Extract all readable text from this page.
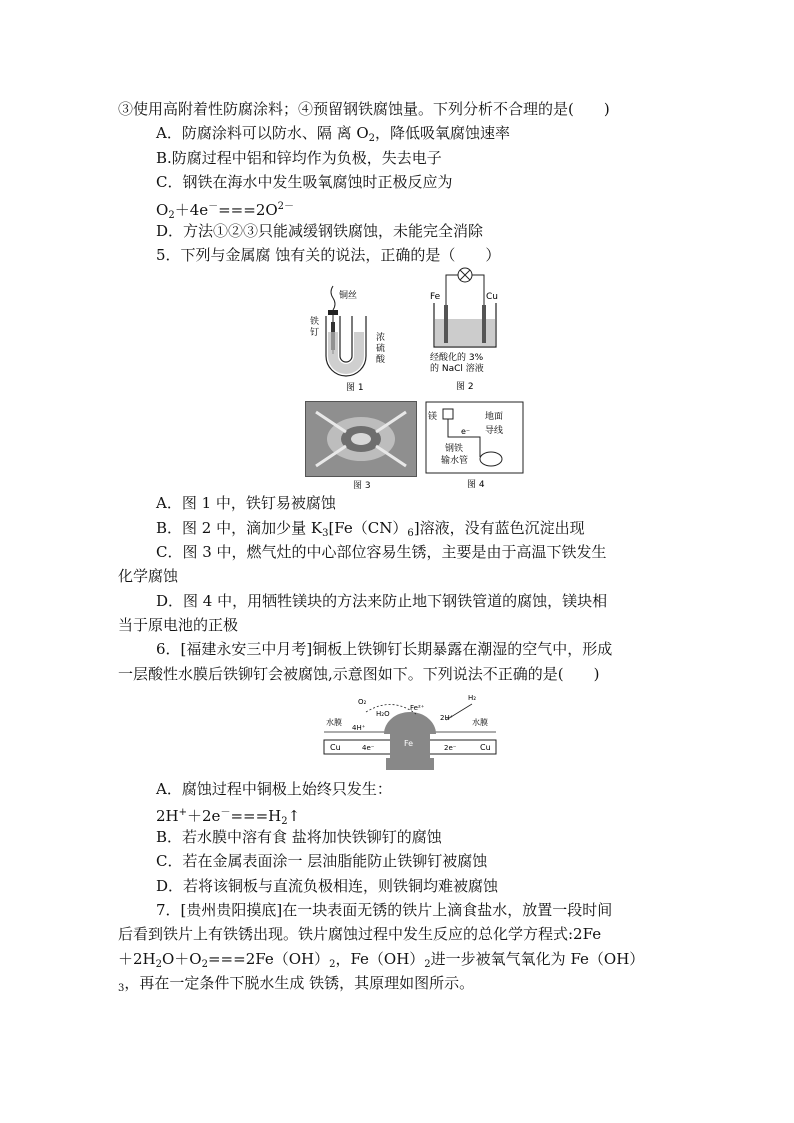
③使用高附着性防腐涂料；④预留钢铁腐蚀量。下列分析不合理的是(　　)
A．防腐涂料可以防水、隔 离 $O_2$，降低吸氧腐蚀速率
B.防腐过程中铝和锌均作为负极，失去电子
C．钢铁在海水中发生吸氧腐蚀时正极反应为
$O_2+4e^-===2O^{2-}$
D．方法①②③只能减缓钢铁腐蚀，未能完全消除
5．下列与金属腐 蚀有关的说法，正确的是（　　）
铜丝
铁
钉	浓
硫
酸
图 1
Fe	Cu
经酸化的 3%
的 NaCl 溶液
图 2
图 3
镁
e⁻
地面
导线
钢铁
输水管
图 4
A．图 1 中，铁钉易被腐蚀
B．图 2 中，滴加少量 $K_3[Fe(CN)_6]$溶液，没有蓝色沉淀出现
C．图 3 中，燃气灶的中心部位容易生锈，主要是由于高温下铁发生
化学腐蚀
D．图 4 中，用牺牲镁块的方法来防止地下钢铁管道的腐蚀，镁块相
当于原电池的正极
6．[福建永安三中月考]铜板上铁铆钉长期暴露在潮湿的空气中，形成
一层酸性水膜后铁铆钉会被腐蚀,示意图如下。下列说法不正确的是(　　)
Fe
水膜	水膜
O₂
H₂O
Fe²⁺
4H⁺
2H⁺
H₂
Cu	Cu
4e⁻	2e⁻
A．腐蚀过程中铜极上始终只发生：
$2H^++2e^-===H_2↑$
B．若水膜中溶有食 盐将加快铁铆钉的腐蚀
C．若在金属表面涂一 层油脂能防止铁铆钉被腐蚀
D．若将该铜板与直流负极相连，则铁铜均难被腐蚀
7．[贵州贵阳摸底]在一块表面无锈的铁片上滴食盐水，放置一段时间
后看到铁片上有铁锈出现。铁片腐蚀过程中发生反应的总化学方程式:2Fe
$+2H_2O+O_2===2Fe(OH)_2$，$Fe(OH)_2$进一步被氧气氧化为 Fe（OH）
$_3$，再在一定条件下脱水生成 铁锈，其原理如图所示。
